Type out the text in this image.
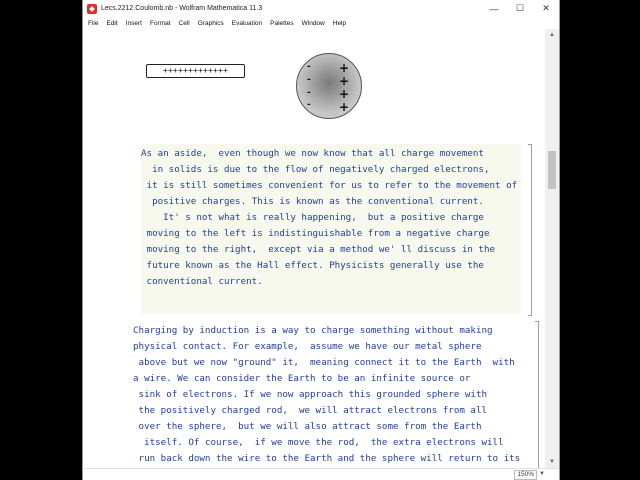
Lecs.2212.Coulomb.nb - Wolfram Mathematica 11.3	—	☐	✕
File	Edit	Insert	Format	Cell	Graphics	Evaluation	Palettes	Window	Help
+++++++++++++	-
-
-
-
+
+
+
+

As an aside,  even though we now know that all charge movement

in solids is due to the flow of negatively charged electrons,

it is still sometimes convenient for us to refer to the movement of

positive charges. This is known as the conventional current.

It' s not what is really happening,  but a positive charge

moving to the left is indistinguishable from a negative charge

moving to the right,  except via a method we' ll discuss in the

future known as the Hall effect. Physicists generally use the

conventional current.

Charging by induction is a way to charge something without making

physical contact. For example,  assume we have our metal sphere

above but we now "ground" it,  meaning connect it to the Earth  with

a wire. We can consider the Earth to be an infinite source or

sink of electrons. If we now approach this grounded sphere with

the positively charged rod,  we will attract electrons from all

over the sphere,  but we will also attract some from the Earth

itself. Of course,  if we move the rod,  the extra electrons will

run back down the wire to the Earth and the sphere will return to its

▲
▼
150% ▼
